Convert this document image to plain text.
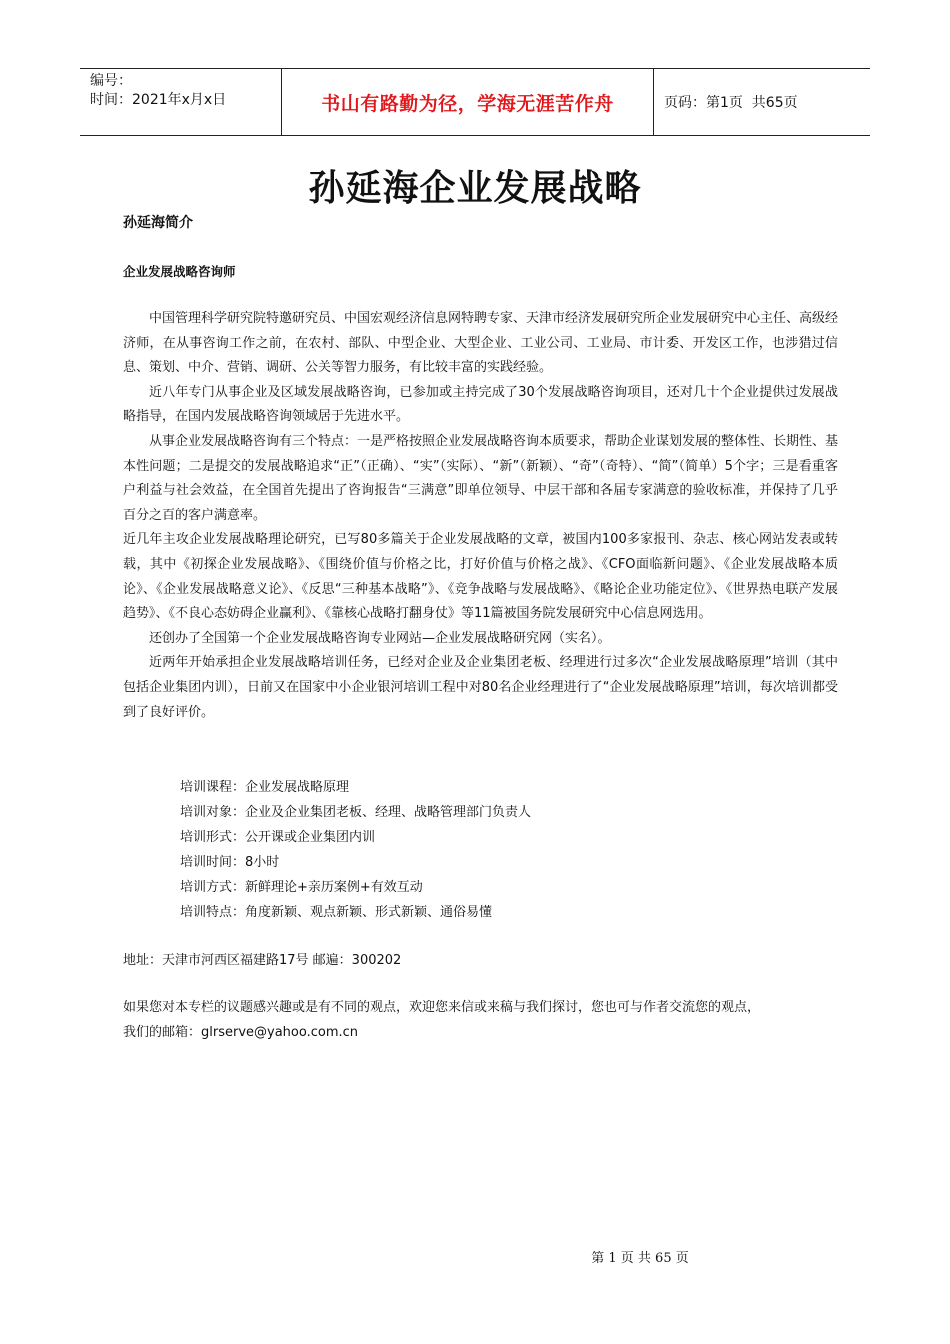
编号：
时间：2021年x月x日	书山有路勤为径，学海无涯苦作舟	页码：第1页  共65页
孙延海企业发展战略
孙延海简介
企业发展战略咨询师

中国管理科学研究院特邀研究员、中国宏观经济信息网特聘专家、天津市经济发展研究所企业发展研究中心主任、高级经济师，在从事咨询工作之前，在农村、部队、中型企业、大型企业、工业公司、工业局、市计委、开发区工作，也涉猎过信息、策划、中介、营销、调研、公关等智力服务，有比较丰富的实践经验。

近八年专门从事企业及区域发展战略咨询，已参加或主持完成了30个发展战略咨询项目，还对几十个企业提供过发展战略指导，在国内发展战略咨询领域居于先进水平。

从事企业发展战略咨询有三个特点：一是严格按照企业发展战略咨询本质要求，帮助企业谋划发展的整体性、长期性、基本性问题；二是提交的发展战略追求“正”（正确）、“实”（实际）、“新”（新颖）、“奇”（奇特）、“简”（简单）5个字；三是看重客户利益与社会效益，在全国首先提出了咨询报告“三满意”即单位领导、中层干部和各届专家满意的验收标准，并保持了几乎百分之百的客户满意率。

近几年主攻企业发展战略理论研究，已写80多篇关于企业发展战略的文章，被国内100多家报刊、杂志、核心网站发表或转载，其中《初探企业发展战略》、《围绕价值与价格之比，打好价值与价格之战》、《CFO面临新问题》、《企业发展战略本质论》、《企业发展战略意义论》、《反思“三种基本战略”》、《竞争战略与发展战略》、《略论企业功能定位》、《世界热电联产发展趋势》、《不良心态妨碍企业赢利》、《靠核心战略打翻身仗》等11篇被国务院发展研究中心信息网选用。

还创办了全国第一个企业发展战略咨询专业网站—企业发展战略研究网（实名）。

近两年开始承担企业发展战略培训任务，已经对企业及企业集团老板、经理进行过多次“企业发展战略原理”培训（其中包括企业集团内训），日前又在国家中小企业银河培训工程中对80名企业经理进行了“企业发展战略原理”培训，每次培训都受到了良好评价。

培训课程：企业发展战略原理
培训对象：企业及企业集团老板、经理、战略管理部门负责人
培训形式：公开课或企业集团内训
培训时间：8小时
培训方式：新鲜理论+亲历案例+有效互动
培训特点：角度新颖、观点新颖、形式新颖、通俗易懂
地址：天津市河西区福建路17号 邮遍：300202

如果您对本专栏的议题感兴趣或是有不同的观点，欢迎您来信或来稿与我们探讨，您也可与作者交流您的观点，

我们的邮箱：glrserve@yahoo.com.cn

第 1 页 共 65 页
